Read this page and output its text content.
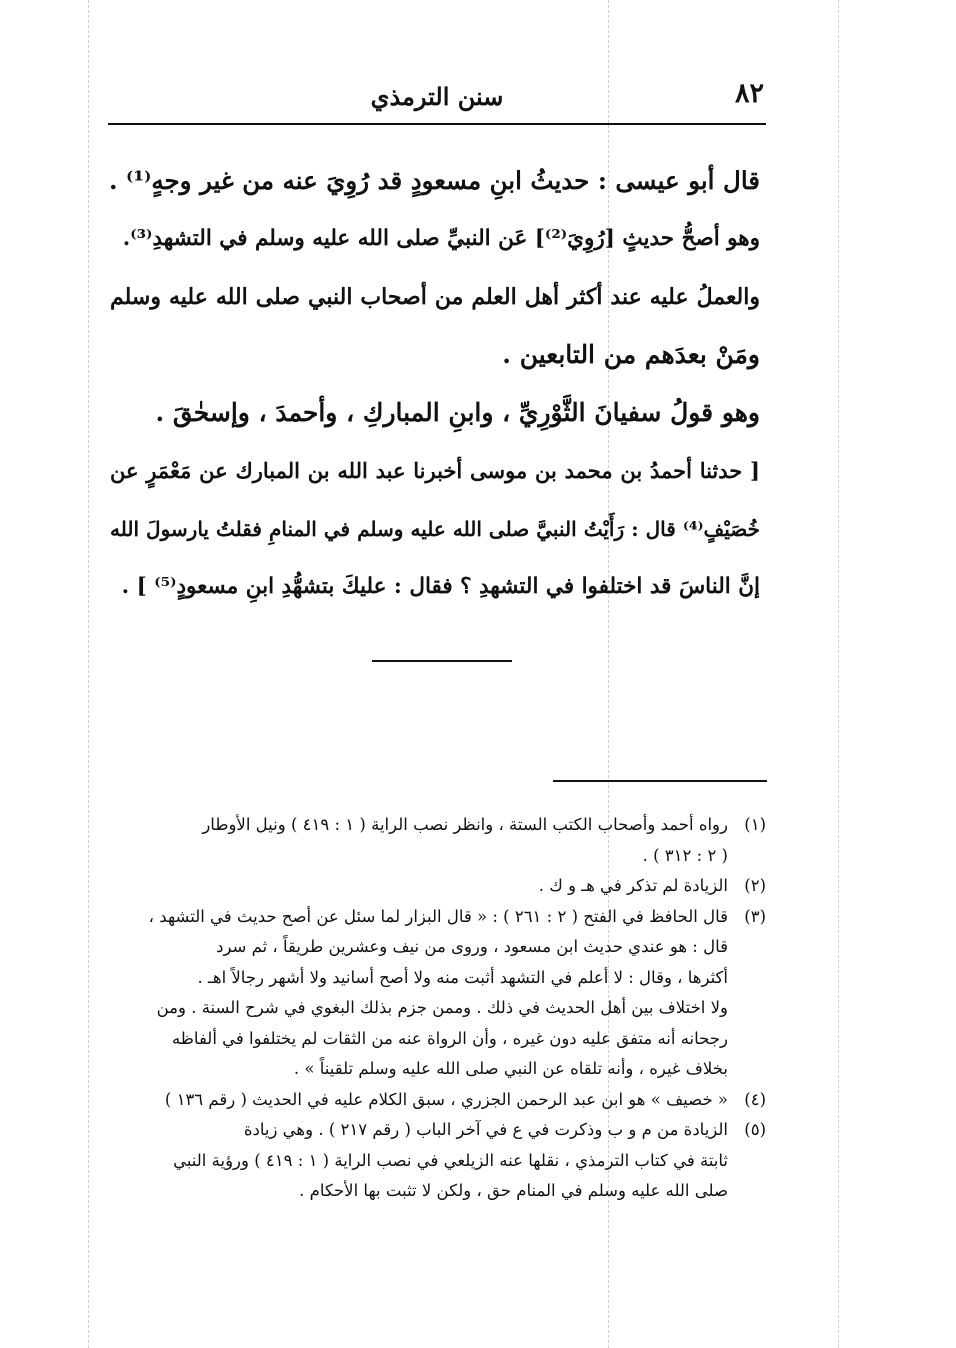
٨٢
سنن الترمذي
قال أبو عيسى : حديثُ ابنِ مسعودٍ قد رُوِيَ عنه من غير وجهٍ⁽¹⁾ .
وهو أصحُّ حديثٍ [رُوِيَ⁽²⁾] عَن النبيِّ صلى الله عليه وسلم في التشهدِ⁽³⁾.
والعملُ عليه عند أكثر أهل العلم من أصحاب النبي صلى الله عليه وسلم
ومَنْ بعدَهم من التابعين .
وهو قولُ سفيانَ الثَّوْرِيِّ ، وابنِ المباركِ ، وأحمدَ ، وإسحٰقَ .
[ حدثنا أحمدُ بن محمد بن موسى أخبرنا عبد الله بن المبارك عن مَعْمَرٍ عن
خُصَيْفٍ⁽⁴⁾ قال : رَأَيْتُ النبيَّ صلى الله عليه وسلم في المنامِ فقلتُ يارسولَ الله
إنَّ الناسَ قد اختلفوا في التشهدِ ؟ فقال : عليكَ بتشهُّدِ ابنِ مسعودٍ⁽⁵⁾ ] .
(١)رواه أحمد وأصحاب الكتب الستة ، وانظر نصب الراية ( ١ : ٤١٩ ) ونيل الأوطار
( ٢ : ٣١٢ ) .
(٢)الزيادة لم تذكر في هـ و ك .
(٣)قال الحافظ في الفتح ( ٢ : ٢٦١ ) : « قال البزار لما سئل عن أصح حديث في التشهد ،
قال : هو عندي حديث ابن مسعود ، وروى من نيف وعشرين طريقاً ، ثم سرد
أكثرها ، وقال : لا أعلم في التشهد أثبت منه ولا أصح أسانيد ولا أشهر رجالاً اهـ .
ولا اختلاف بين أهل الحديث في ذلك . وممن جزم بذلك البغوي في شرح السنة . ومن
رجحانه أنه متفق عليه دون غيره ، وأن الرواة عنه من الثقات لم يختلفوا في ألفاظه
بخلاف غيره ، وأنه تلقاه عن النبي صلى الله عليه وسلم تلقيناً » .
(٤)« خصيف » هو ابن عبد الرحمن الجزري ، سبق الكلام عليه في الحديث ( رقم ١٣٦ )
(٥)الزيادة من م و ب وذكرت في ع في آخر الباب ( رقم ٢١٧ ) . وهي زيادة
ثابتة في كتاب الترمذي ، نقلها عنه الزيلعي في نصب الراية ( ١ : ٤١٩ ) ورؤية النبي
صلى الله عليه وسلم في المنام حق ، ولكن لا تثبت بها الأحكام .
